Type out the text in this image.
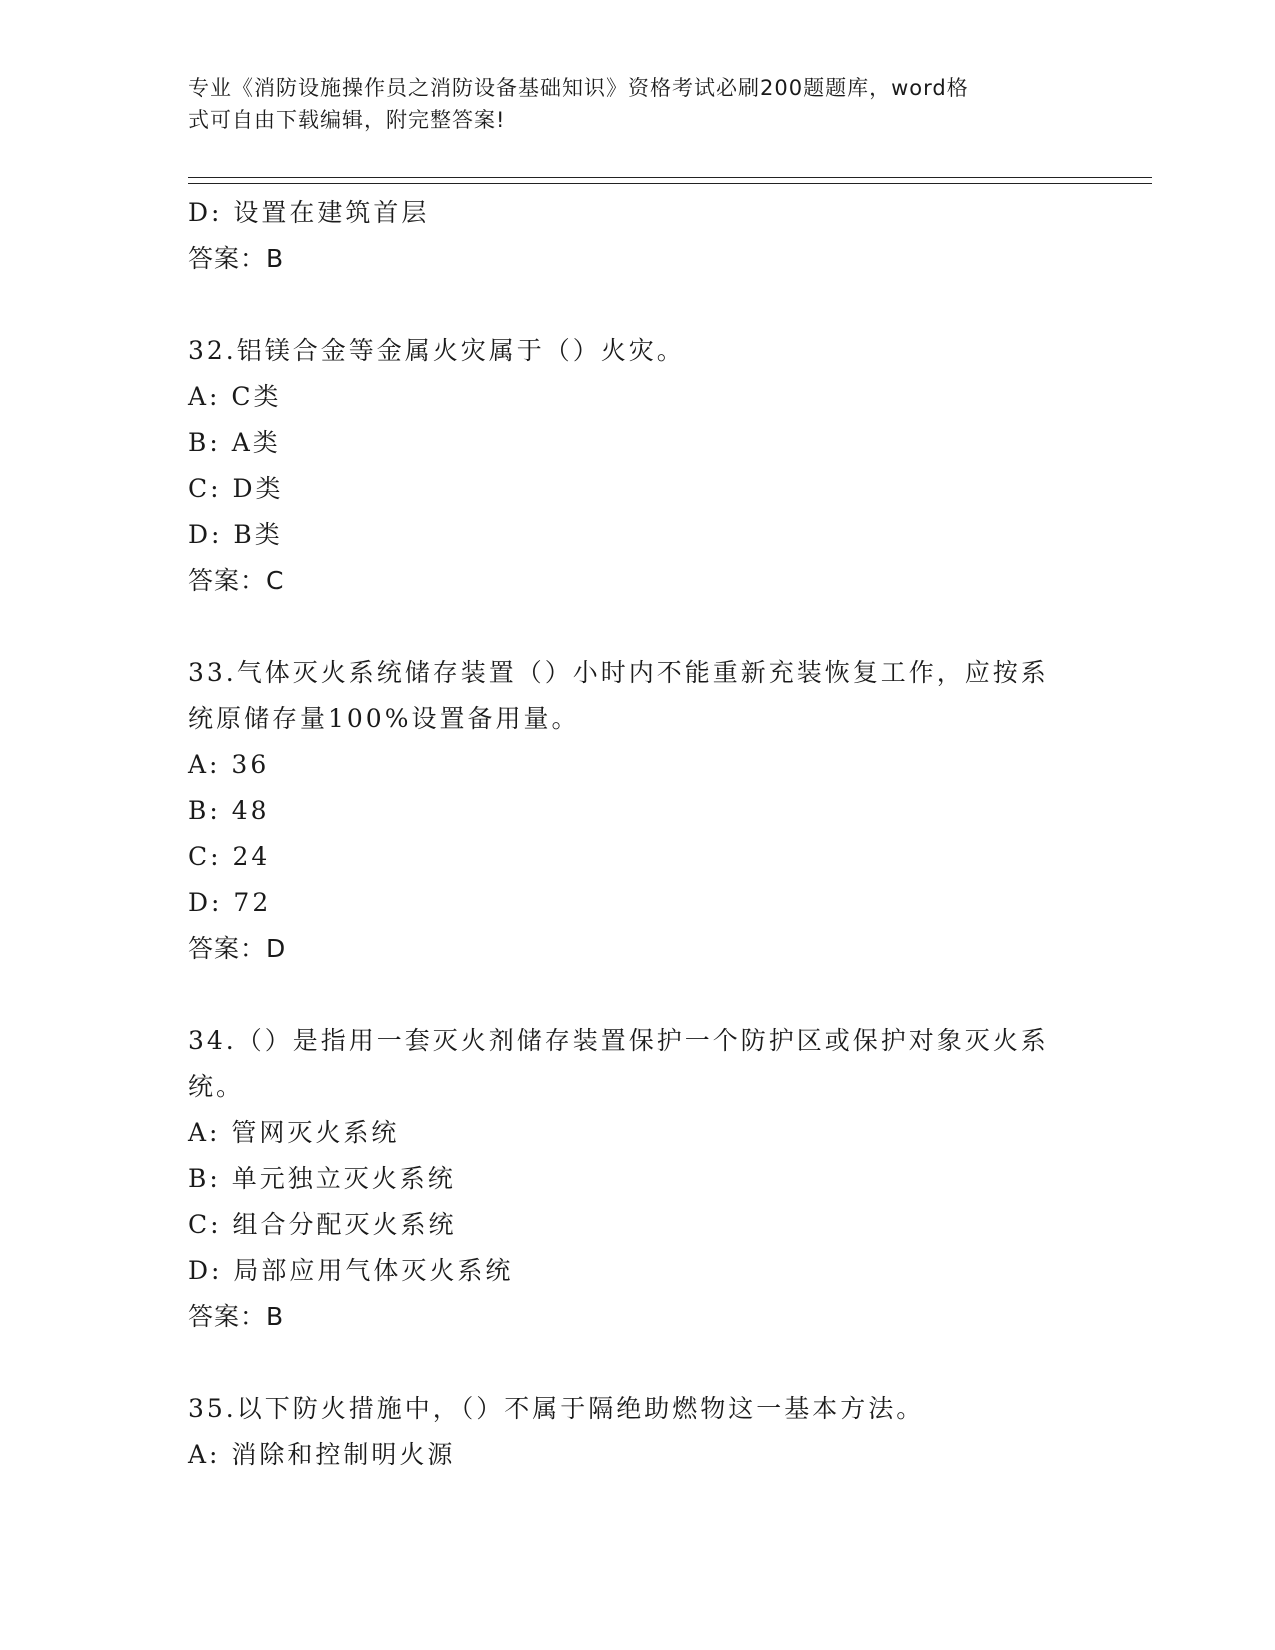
专业《消防设施操作员之消防设备基础知识》资格考试必刷200题题库，word格
式可自由下载编辑，附完整答案!
D: 设置在建筑首层
答案：B
32.铝镁合金等金属火灾属于（）火灾。
A: C类
B: A类
C: D类
D: B类
答案：C
33.气体灭火系统储存装置（）小时内不能重新充装恢复工作，应按系
统原储存量100%设置备用量。
A: 36
B: 48
C: 24
D: 72
答案：D
34.（）是指用一套灭火剂储存装置保护一个防护区或保护对象灭火系
统。
A: 管网灭火系统
B: 单元独立灭火系统
C: 组合分配灭火系统
D: 局部应用气体灭火系统
答案：B
35.以下防火措施中，（）不属于隔绝助燃物这一基本方法。
A: 消除和控制明火源
